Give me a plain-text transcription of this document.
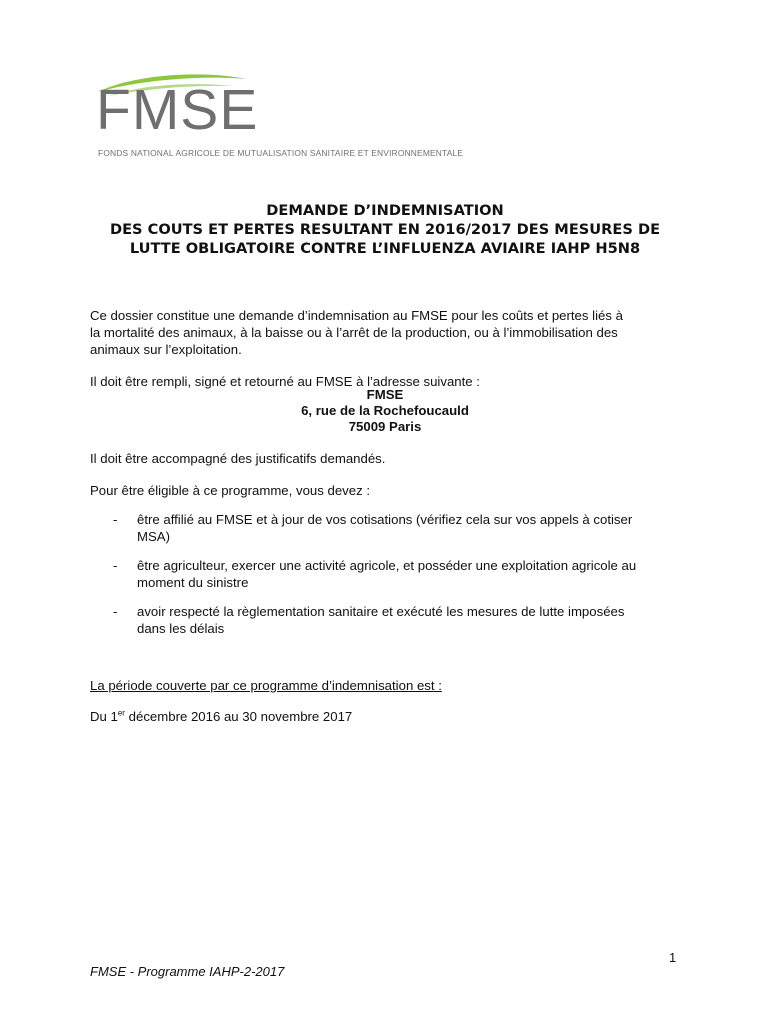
FMSE
FONDS NATIONAL AGRICOLE DE MUTUALISATION SANITAIRE ET ENVIRONNEMENTALE
DEMANDE D’INDEMNISATION
DES COUTS ET PERTES RESULTANT EN 2016/2017 DES MESURES DE
LUTTE OBLIGATOIRE CONTRE L’INFLUENZA AVIAIRE IAHP H5N8
Ce dossier constitue une demande d’indemnisation au FMSE pour les coûts et pertes liés à
la mortalité des animaux, à la baisse ou à l’arrêt de la production, ou à l’immobilisation des
animaux sur l’exploitation.
Il doit être rempli, signé et retourné au FMSE à l’adresse suivante :
FMSE
6, rue de la Rochefoucauld
75009 Paris
Il doit être accompagné des justificatifs demandés.
Pour être éligible à ce programme, vous devez :
- être affilié au FMSE et à jour de vos cotisations (vérifiez cela sur vos appels à cotiser
MSA)
- être agriculteur, exercer une activité agricole, et posséder une exploitation agricole au
moment du sinistre
- avoir respecté la règlementation sanitaire et exécuté les mesures de lutte imposées
dans les délais
La période couverte par ce programme d’indemnisation est :
Du 1er décembre 2016 au 30 novembre 2017
1
FMSE - Programme IAHP-2-2017
